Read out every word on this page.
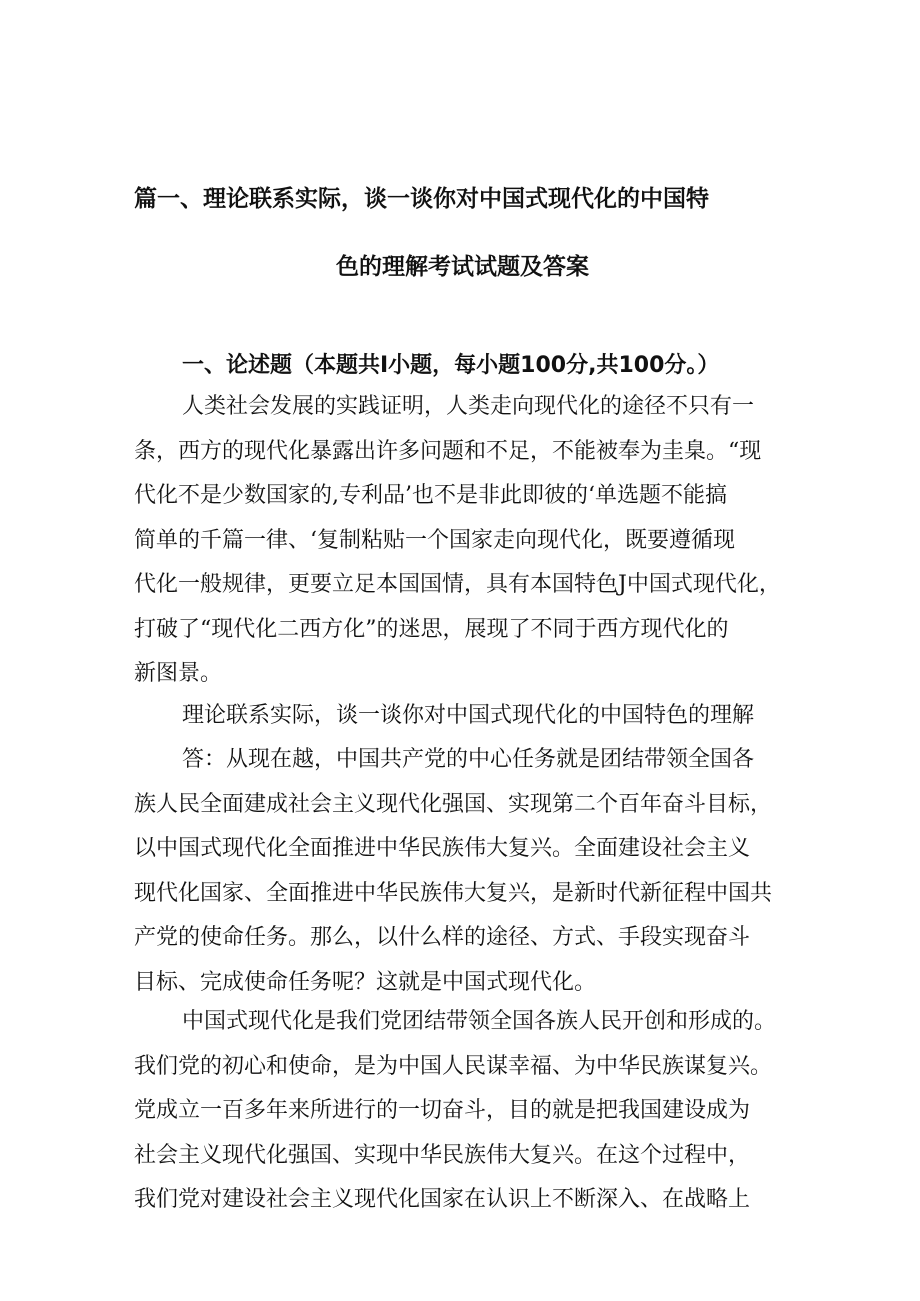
篇一、理论联系实际，谈一谈你对中国式现代化的中国特
色的理解考试试题及答案
一、论述题（本题共I小题，每小题100分,共100分。）

人类社会发展的实践证明，人类走向现代化的途径不只有一
条，西方的现代化暴露出许多问题和不足，不能被奉为圭臬。“现
代化不是少数国家的,专利品’也不是非此即彼的‘单选题不能搞
简单的千篇一律、‘复制粘贴一个国家走向现代化，既要遵循现
代化一般规律，更要立足本国国情，具有本国特色J中国式现代化，
打破了“现代化二西方化”的迷思，展现了不同于西方现代化的
新图景。

理论联系实际，谈一谈你对中国式现代化的中国特色的理解

答：从现在越，中国共产党的中心任务就是团结带领全国各
族人民全面建成社会主义现代化强国、实现第二个百年奋斗目标，
以中国式现代化全面推进中华民族伟大复兴。全面建设社会主义
现代化国家、全面推进中华民族伟大复兴，是新时代新征程中国共
产党的使命任务。那么，以什么样的途径、方式、手段实现奋斗
目标、完成使命任务呢？这就是中国式现代化。

中国式现代化是我们党团结带领全国各族人民开创和形成的。
我们党的初心和使命，是为中国人民谋幸福、为中华民族谋复兴。
党成立一百多年来所进行的一切奋斗，目的就是把我国建设成为
社会主义现代化强国、实现中华民族伟大复兴。在这个过程中，
我们党对建设社会主义现代化国家在认识上不断深入、在战略上
